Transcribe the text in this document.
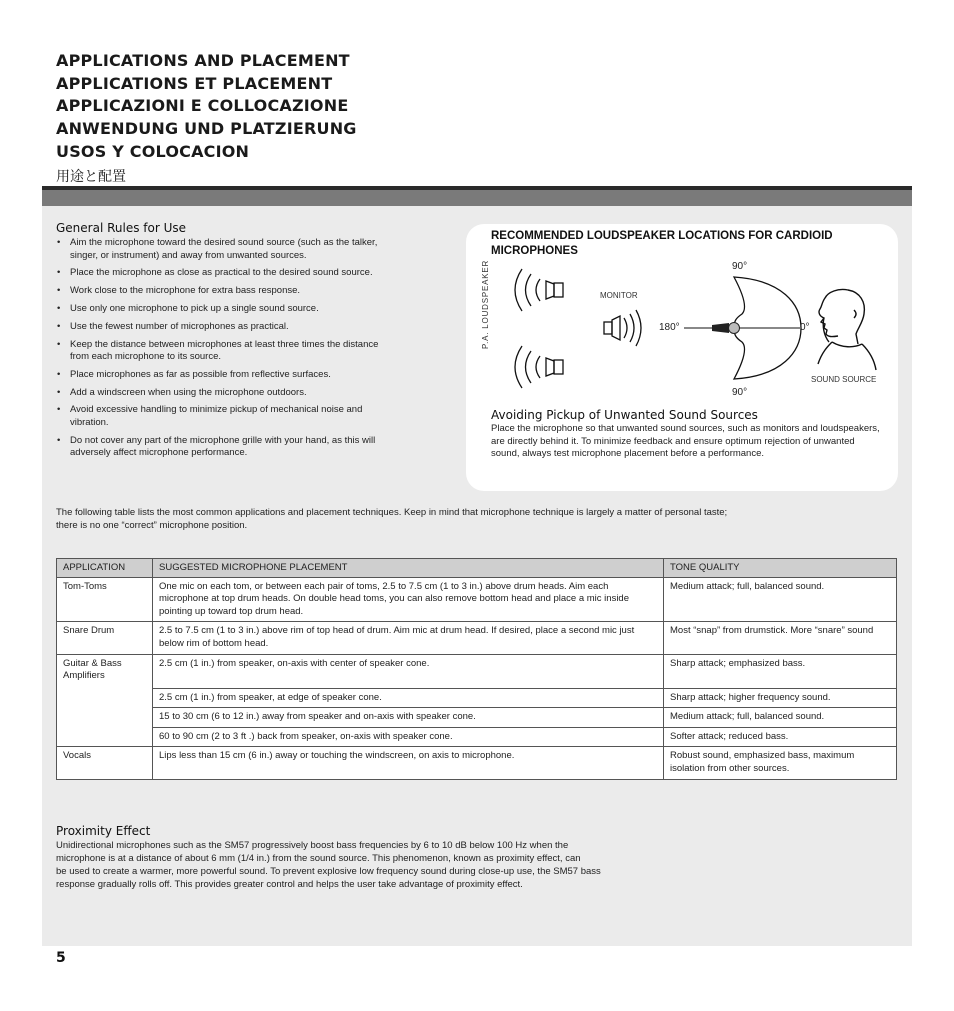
APPLICATIONS AND PLACEMENT
APPLICATIONS ET PLACEMENT
APPLICAZIONI E COLLOCAZIONE
ANWENDUNG UND PLATZIERUNG
USOS Y COLOCACION
用途と配置
General Rules for Use
• Aim the microphone toward the desired sound source (such as the talker, singer, or instrument) and away from unwanted sources.
• Place the microphone as close as practical to the desired sound source.
• Work close to the microphone for extra bass response.
• Use only one microphone to pick up a single sound source.
• Use the fewest number of microphones as practical.
• Keep the distance between microphones at least three times the distance from each microphone to its source.
• Place microphones as far as possible from reflective surfaces.
• Add a windscreen when using the microphone outdoors.
• Avoid excessive handling to minimize pickup of mechanical noise and vibration.
• Do not cover any part of the microphone grille with your hand, as this will adversely affect microphone performance.
RECOMMENDED LOUDSPEAKER LOCATIONS FOR CARDIOID MICROPHONES
P.A. LOUDSPEAKER	MONITOR
SOUND SOURCE
90°
90°
180°	0°
Avoiding Pickup of Unwanted Sound Sources
Place the microphone so that unwanted sound sources, such as monitors and loudspeakers, are directly behind it. To minimize feedback and ensure optimum rejection of unwanted sound, always test microphone placement before a performance.
The following table lists the most common applications and placement techniques. Keep in mind that microphone technique is largely a matter of personal taste;
there is no one “correct” microphone position.
APPLICATION	SUGGESTED MICROPHONE PLACEMENT	TONE QUALITY
Tom-Toms	One mic on each tom, or between each pair of toms, 2.5 to 7.5 cm (1 to 3 in.) above drum heads. Aim each microphone at top drum heads. On double head toms, you can also remove bottom head and place a mic inside pointing up toward top drum head.	Medium attack; full, balanced sound.
Snare Drum	2.5 to 7.5 cm (1 to 3 in.) above rim of top head of drum. Aim mic at drum head. If desired, place a second mic just below rim of bottom head.	Most “snap” from drumstick. More “snare” sound
Guitar & Bass Amplifiers	2.5 cm (1 in.) from speaker, on-axis with center of speaker cone.	Sharp attack; emphasized bass.
	2.5 cm (1 in.) from speaker, at edge of speaker cone.	Sharp attack; higher frequency sound.
	15 to 30 cm (6 to 12 in.) away from speaker and on-axis with speaker cone.	Medium attack; full, balanced sound.
	60 to 90 cm (2 to 3 ft .) back from speaker, on-axis with speaker cone.	Softer attack; reduced bass.
Vocals	Lips less than 15 cm (6 in.) away or touching the windscreen, on axis to microphone.	Robust sound, emphasized bass, maximum isolation from other sources.
Proximity Effect
Unidirectional microphones such as the SM57 progressively boost bass frequencies by 6 to 10 dB below 100 Hz when the
microphone is at a distance of about 6 mm (1/4 in.) from the sound source. This phenomenon, known as proximity effect, can
be used to create a warmer, more powerful sound. To prevent explosive low frequency sound during close-up use, the SM57 bass
response gradually rolls off. This provides greater control and helps the user take advantage of proximity effect.
5
